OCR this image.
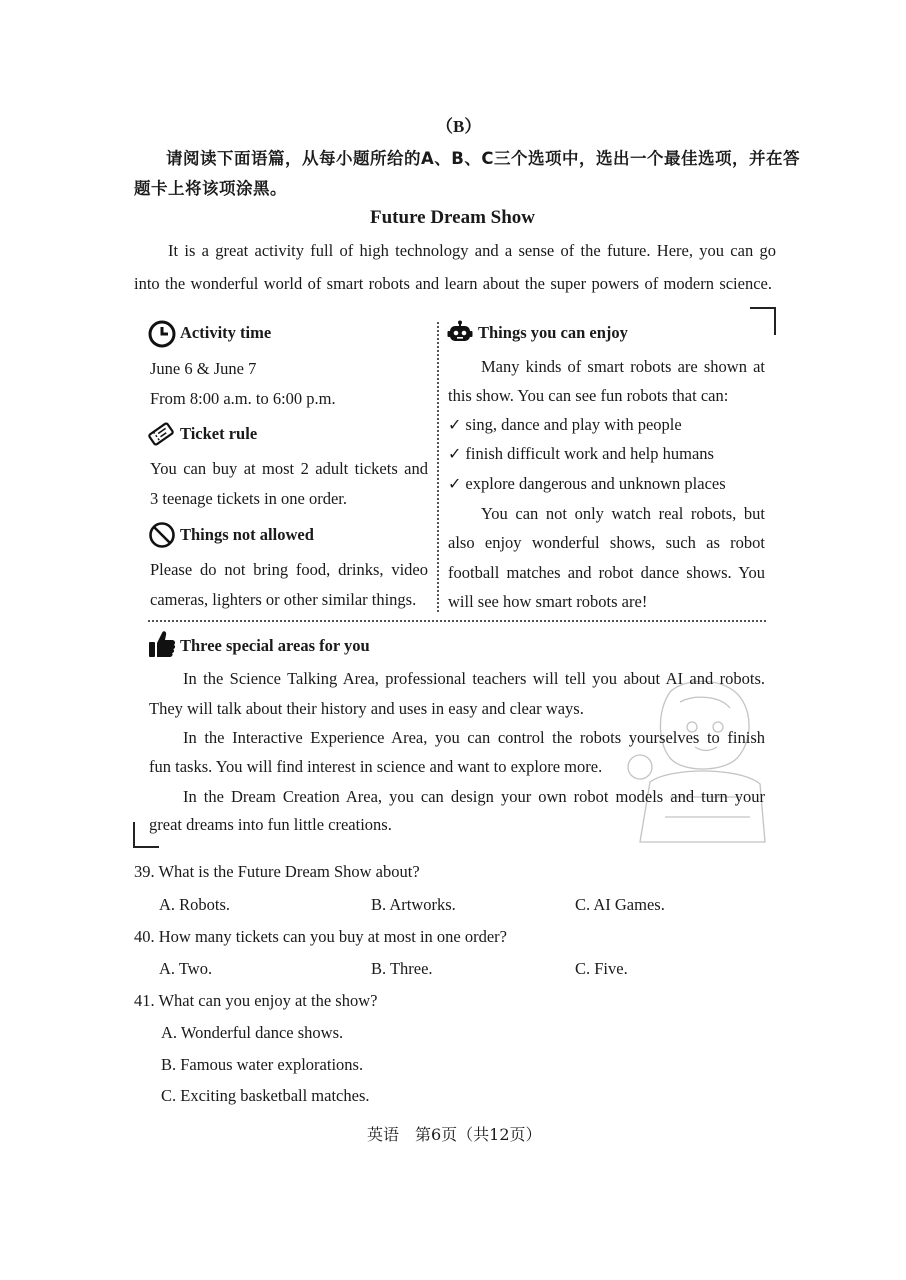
（B）
请阅读下面语篇，从每小题所给的A、B、C三个选项中，选出一个最佳选项，并在答
题卡上将该项涂黑。
Future Dream Show
It is a great activity full of high technology and a sense of the future. Here, you can go
into the wonderful world of smart robots and learn about the super powers of modern science.
Activity time
June 6 & June 7
From 8:00 a.m. to 6:00 p.m.
Ticket rule
You can buy at most 2 adult tickets and
3 teenage tickets in one order.
Things not allowed
Please do not bring food, drinks, video
cameras, lighters or other similar things.
Things you can enjoy
Many kinds of smart robots are shown at
this show. You can see fun robots that can:
✓ sing, dance and play with people
✓ finish difficult work and help humans
✓ explore dangerous and unknown places
You can not only watch real robots, but
also enjoy wonderful shows, such as robot
football matches and robot dance shows. You
will see how smart robots are!
Three special areas for you
In the Science Talking Area, professional teachers will tell you about AI and robots.
They will talk about their history and uses in easy and clear ways.
In the Interactive Experience Area, you can control the robots yourselves to finish
fun tasks. You will find interest in science and want to explore more.
In the Dream Creation Area, you can design your own robot models and turn your
great dreams into fun little creations.
39. What is the Future Dream Show about?
A. Robots.	B. Artworks.	C. AI Games.
40. How many tickets can you buy at most in one order?
A. Two.	B. Three.	C. Five.
41. What can you enjoy at the show?
A. Wonderful dance shows.
B. Famous water explorations.
C. Exciting basketball matches.
英语　第6页（共12页）
